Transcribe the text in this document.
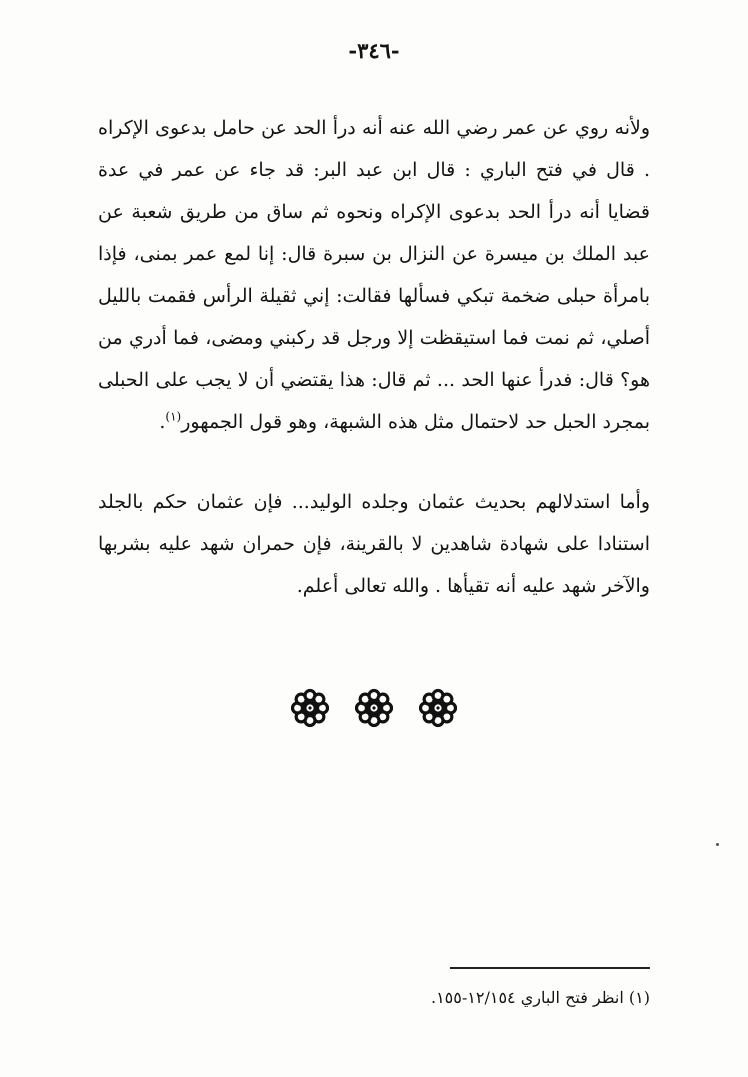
-٣٤٦-

ولأنه روي عن عمر رضي الله عنه أنه درأ الحد عن حامل بدعوى الإكراه . قال في فتح الباري : قال ابن عبد البر: قد جاء عن عمر في عدة قضايا أنه درأ الحد بدعوى الإكراه ونحوه ثم ساق من طريق شعبة عن عبد الملك بن ميسرة عن النزال بن سبرة قال: إنا لمع عمر بمنى، فإذا بامرأة حبلى ضخمة تبكي فسألها فقالت: إني ثقيلة الرأس فقمت بالليل أصلي، ثم نمت فما استيقظت إلا ورجل قد ركبني ومضى، فما أدري من هو؟ قال: فدرأ عنها الحد ... ثم قال: هذا يقتضي أن لا يجب على الحبلى بمجرد الحبل حد لاحتمال مثل هذه الشبهة، وهو قول الجمهور$^{(١)}$.

وأما استدلالهم بحديث عثمان وجلده الوليد... فإن عثمان حكم بالجلد استنادا على شهادة شاهدين لا بالقرينة، فإن حمران شهد عليه بشربها والآخر شهد عليه أنه تقيأها . والله تعالى أعلم.

(١) انظر فتح الباري ١٢/١٥٤-١٥٥.
